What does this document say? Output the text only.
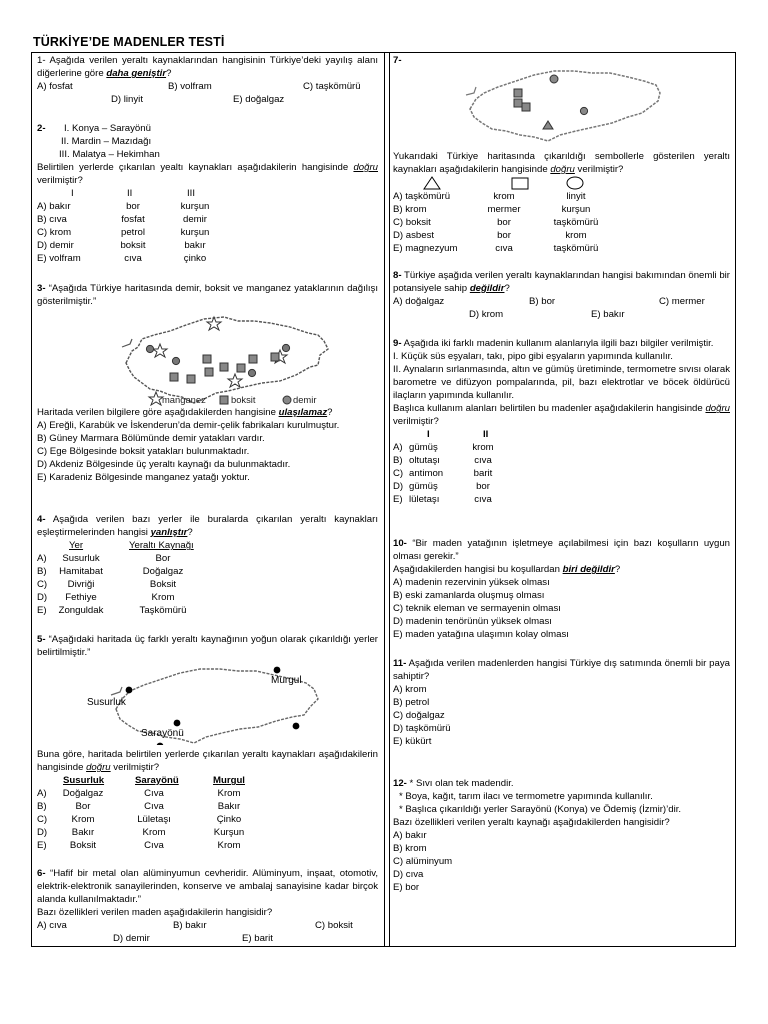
TÜRKİYE’DE MADENLER TESTİ
1- Aşağıda verilen yeraltı kaynaklarından hangisinin Türkiye’deki yayılış alanı diğerlerine göre daha geniştir?
A) fosfat	B) volfram	C) taşkömürü
D) linyit	E) doğalgaz
2- I. Konya – Sarayönü
II. Mardin – Mazıdağı
III. Malatya – Hekimhan
Belirtilen yerlerde çıkarılan yealtı kaynakları aşağıdakilerin hangisinde doğru verilmiştir?
I	II	III
A) bakır	bor	kurşun
B) cıva	fosfat	demir
C) krom	petrol	kurşun
D) demir	boksit	bakır
E) volfram	cıva	çinko
3- “Aşağıda Türkiye haritasında demir, boksit ve manganez yataklarının dağılışı gösterilmiştir.”
manganez	boksit	demir
Haritada verilen bilgilere göre aşağıdakilerden hangisine ulaşılamaz?
A) Ereğli, Karabük ve İskenderun’da demir-çelik fabrikaları kurulmuştur.
B) Güney Marmara Bölümünde demir yatakları vardır.
C) Ege Bölgesinde boksit yatakları bulunmaktadır.
D) Akdeniz Bölgesinde üç yeraltı kaynağı da bulunmaktadır.
E) Karadeniz Bölgesinde manganez yatağı yoktur.
4- Aşağıda verilen bazı yerler ile buralarda çıkarılan yeraltı kaynakları eşleştirmelerinden hangisi yanlıştır?
Yer	Yeraltı Kaynağı
A) Susurluk	Bor
B) Hamitabat	Doğalgaz
C) Divriği	Boksit
D) Fethiye	Krom
E) Zonguldak	Taşkömürü
5- “Aşağıdaki haritada üç farklı yeraltı kaynağının yoğun olarak çıkarıldığı yerler belirtilmiştir.”
Murgul
Susurluk
Sarayönü
Buna göre, haritada belirtilen yerlerde çıkarılan yeraltı kaynakları aşağıdakilerin hangisinde doğru verilmiştir?
Susurluk	Sarayönü	Murgul
A) Doğalgaz	Cıva	Krom
B)	Bor	Cıva	Bakır
C)	Krom	Lületaşı	Çinko
D)	Bakır	Krom	Kurşun
E) Boksit	Cıva	Krom
6- “Hafif bir metal olan alüminyumun cevheridir. Alüminyum, inşaat, otomotiv, elektrik-elektronik sanayilerinden, konserve ve ambalaj sanayisine kadar birçok alanda kullanılmaktadır.”
Bazı özellikleri verilen maden aşağıdakilerin hangisidir?
A) cıva	B) bakır	C) boksit
D) demir	E) barit
7-
Yukarıdaki Türkiye haritasında çıkarıldığı sembollerle gösterilen yeraltı kaynakları aşağıdakilerin hangisinde doğru verilmiştir?
A) taşkömürü	krom	linyit
B) krom	mermer	kurşun
C) boksit	bor	taşkömürü
D) asbest	bor	krom
E) magnezyum	cıva	taşkömürü
8- Türkiye aşağıda verilen yeraltı kaynaklarından hangisi bakımından önemli bir potansiyele sahip değildir?
A) doğalgaz	B) bor	C) mermer
D) krom	E) bakır
9- Aşağıda iki farklı madenin kullanım alanlarıyla ilgili bazı bilgiler verilmiştir.
I. Küçük süs eşyaları, takı, pipo gibi eşyaların yapımında kullanılır.
II. Aynaların sırlanmasında, altın ve gümüş üretiminde, termometre sıvısı olarak barometre ve difüzyon pompalarında, pil, bazı elektrotlar ve böcek öldürücü ilaçların yapımında kullanılır.
Başlıca kullanım alanları belirtilen bu madenler aşağıdakilerin hangisinde doğru verilmiştir?
I	II
A) gümüş	krom
B) oltutaşı	cıva
C) antimon	barit
D) gümüş	bor
E) lületaşı	cıva
10- “Bir maden yatağının işletmeye açılabilmesi için bazı koşulların uygun olması gerekir.”
Aşağıdakilerden hangisi bu koşullardan biri değildir?
A) madenin rezervinin yüksek olması
B) eski zamanlarda oluşmuş olması
C) teknik eleman ve sermayenin olması
D) madenin tenörünün yüksek olması
E) maden yatağına ulaşımın kolay olması
11- Aşağıda verilen madenlerden hangisi Türkiye dış satımında önemli bir paya sahiptir?
A) krom
B) petrol
C) doğalgaz
D) taşkömürü
E) kükürt
12- * Sıvı olan tek madendir.
* Boya, kağıt, tarım ilacı ve termometre yapımında kullanılır.
* Başlıca çıkarıldığı yerler Sarayönü (Konya) ve Ödemiş (İzmir)’dir.
Bazı özellikleri verilen yeraltı kaynağı aşağıdakilerden hangisidir?
A) bakır
B) krom
C) alüminyum
D) cıva
E) bor
